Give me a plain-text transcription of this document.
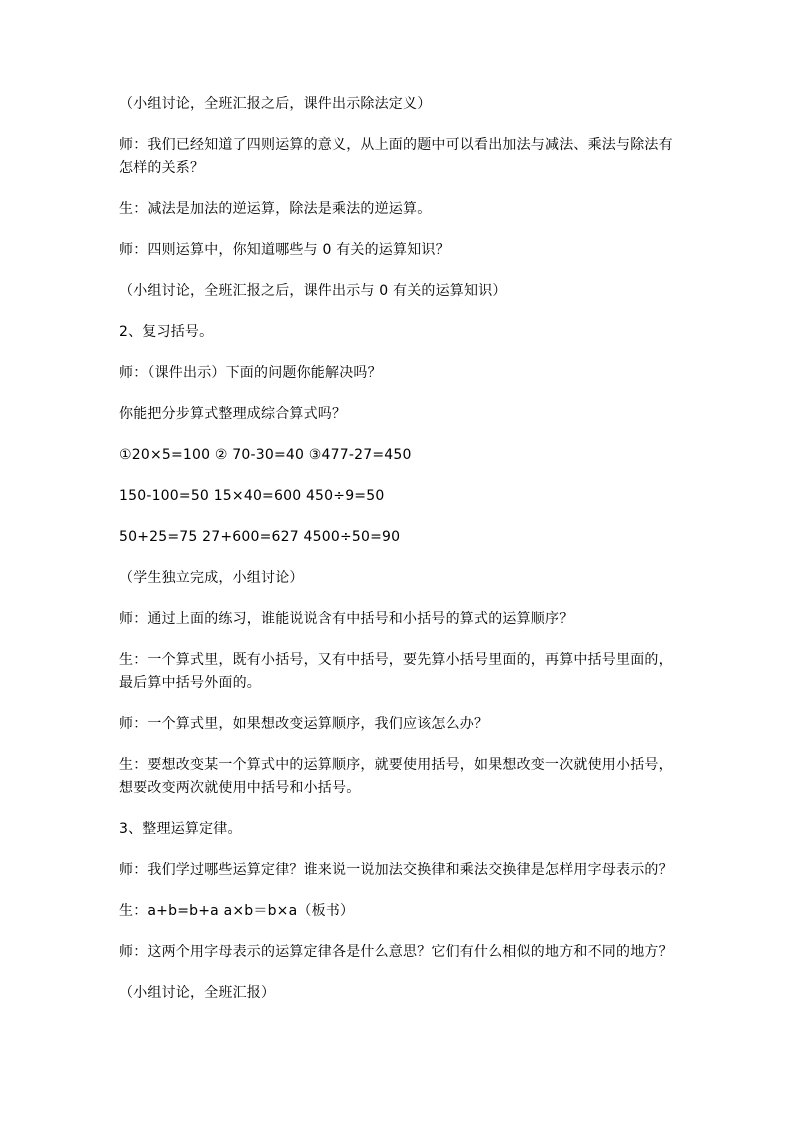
（小组讨论，全班汇报之后，课件出示除法定义）

师：我们已经知道了四则运算的意义，从上面的题中可以看出加法与减法、乘法与除法有怎样的关系？

生：减法是加法的逆运算，除法是乘法的逆运算。

师：四则运算中，你知道哪些与 0 有关的运算知识？

（小组讨论，全班汇报之后，课件出示与 0 有关的运算知识）

2、复习括号。

师：（课件出示）下面的问题你能解决吗？

你能把分步算式整理成综合算式吗？

①20×5=100 ② 70-30=40 ③477-27=450

150-100=50 15×40=600 450÷9=50

50+25=75 27+600=627 4500÷50=90

（学生独立完成，小组讨论）

师：通过上面的练习，谁能说说含有中括号和小括号的算式的运算顺序？

生：一个算式里，既有小括号，又有中括号，要先算小括号里面的，再算中括号里面的，最后算中括号外面的。

师：一个算式里，如果想改变运算顺序，我们应该怎么办？

生：要想改变某一个算式中的运算顺序，就要使用括号，如果想改变一次就使用小括号，想要改变两次就使用中括号和小括号。

3、整理运算定律。

师：我们学过哪些运算定律？谁来说一说加法交换律和乘法交换律是怎样用字母表示的？

生：a+b=b+a a×b＝b×a（板书）

师：这两个用字母表示的运算定律各是什么意思？它们有什么相似的地方和不同的地方？

（小组讨论，全班汇报）
